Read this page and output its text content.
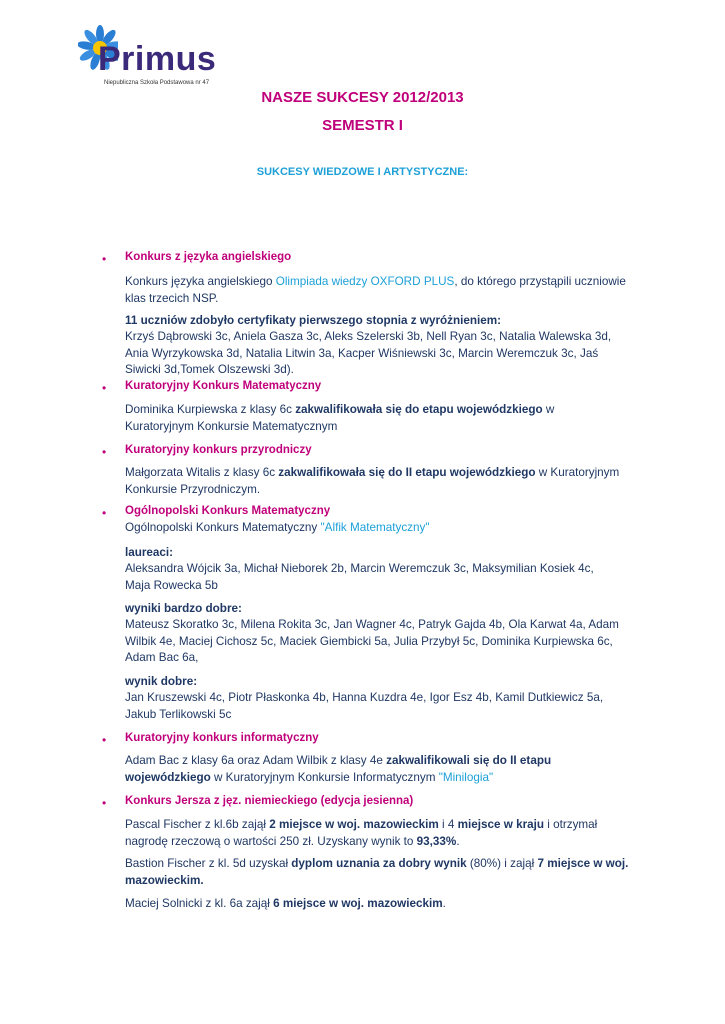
Primus
Niepubliczna Szkoła Podstawowa nr 47
NASZE SUKCESY 2012/2013
SEMESTR I
SUKCESY WIEDZOWE I ARTYSTYCZNE:
• Konkurs z języka angielskiego
Konkurs języka angielskiego Olimpiada wiedzy OXFORD PLUS, do którego przystąpili uczniowie
klas trzecich NSP.
11 uczniów zdobyło certyfikaty pierwszego stopnia z wyróżnieniem:
Krzyś Dąbrowski 3c, Aniela Gasza 3c, Aleks Szelerski 3b, Nell Ryan 3c, Natalia Walewska 3d,
Ania Wyrzykowska 3d, Natalia Litwin 3a, Kacper Wiśniewski 3c, Marcin Weremczuk 3c, Jaś
Siwicki 3d,Tomek Olszewski 3d).
• Kuratoryjny Konkurs Matematyczny
Dominika Kurpiewska z klasy 6c zakwalifikowała się do etapu wojewódzkiego w
Kuratoryjnym Konkursie Matematycznym
• Kuratoryjny konkurs przyrodniczy
Małgorzata Witalis z klasy 6c zakwalifikowała się do II etapu wojewódzkiego w Kuratoryjnym
Konkursie Przyrodniczym.
• Ogólnopolski Konkurs Matematyczny
Ogólnopolski Konkurs Matematyczny "Alfik Matematyczny"
laureaci:
Aleksandra Wójcik 3a, Michał Nieborek 2b, Marcin Weremczuk 3c, Maksymilian Kosiek 4c,
Maja Rowecka 5b
wyniki bardzo dobre:
Mateusz Skoratko 3c, Milena Rokita 3c, Jan Wagner 4c, Patryk Gajda 4b, Ola Karwat 4a, Adam
Wilbik 4e, Maciej Cichosz 5c, Maciek Giembicki 5a, Julia Przybył 5c, Dominika Kurpiewska 6c,
Adam Bac 6a,
wynik dobre:
Jan Kruszewski 4c, Piotr Płaskonka 4b, Hanna Kuzdra 4e, Igor Esz 4b, Kamil Dutkiewicz 5a,
Jakub Terlikowski 5c
• Kuratoryjny konkurs informatyczny
Adam Bac z klasy 6a oraz Adam Wilbik z klasy 4e zakwalifikowali się do II etapu
wojewódzkiego w Kuratoryjnym Konkursie Informatycznym "Minilogia"
• Konkurs Jersza z jęz. niemieckiego (edycja jesienna)
Pascal Fischer z kl.6b zajął 2 miejsce w woj. mazowieckim i 4 miejsce w kraju i otrzymał
nagrodę rzeczową o wartości 250 zł. Uzyskany wynik to 93,33%.
Bastion Fischer z kl. 5d uzyskał dyplom uznania za dobry wynik (80%) i zajął 7 miejsce w woj.
mazowieckim.
Maciej Solnicki z kl. 6a zajął 6 miejsce w woj. mazowieckim.
